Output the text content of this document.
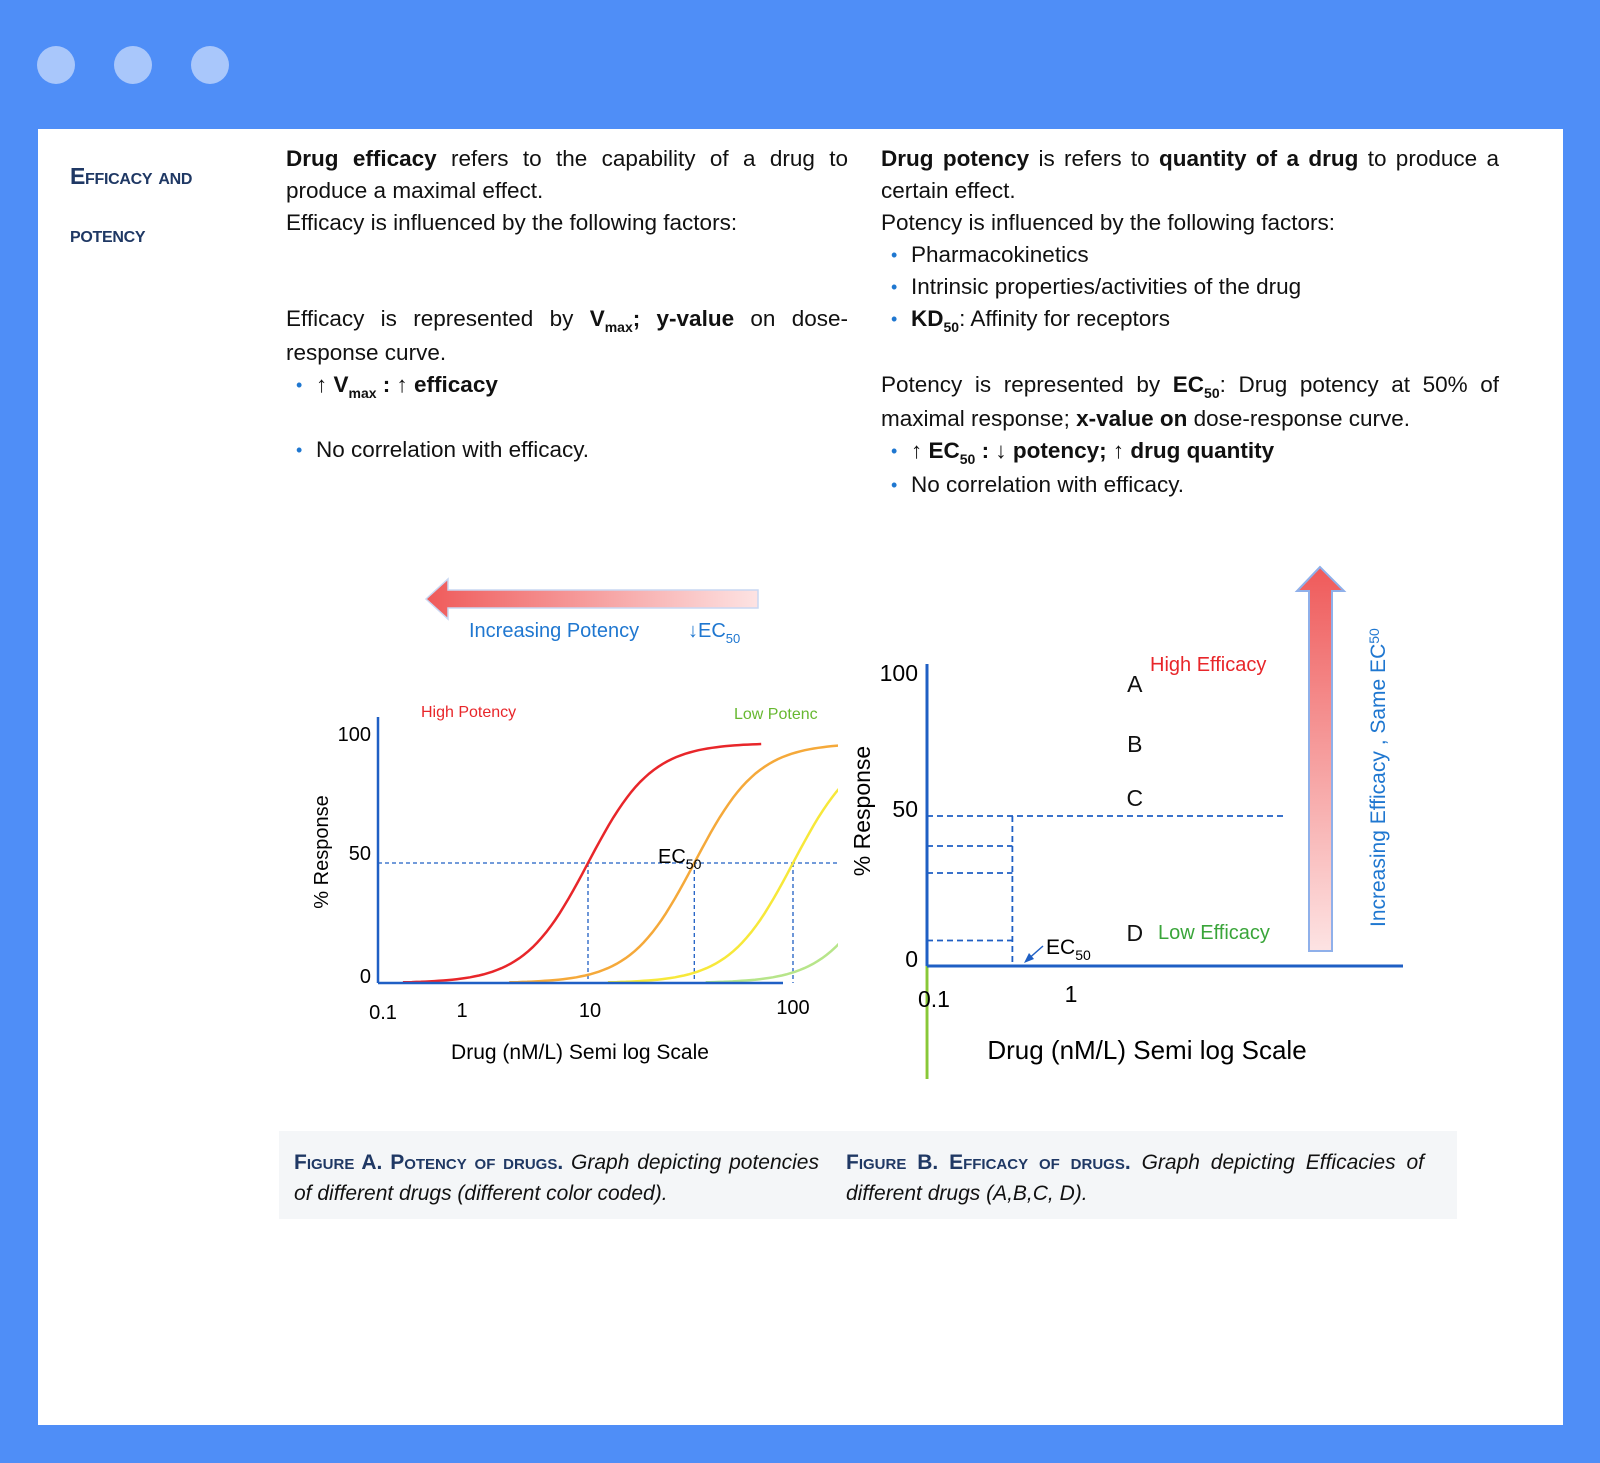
Efficacy and
potency

Drug efficacy refers to the capability of a drug to produce a maximal effect.

Efficacy is influenced by the following factors:

Efficacy is represented by $V_{max}$; y-value on dose-response curve.

• ↑ $V_{max}$ : ↑ efficacy

• No correlation with efficacy.

Drug potency is refers to quantity of a drug to produce a certain effect.

Potency is influenced by the following factors:

• Pharmacokinetics

• Intrinsic properties/activities of the drug

• $KD_{50}$: Affinity for receptors

Potency is represented by $EC_{50}$: Drug potency at 50% of maximal response; x-value on dose-response curve.

• ↑ $EC_{50}$ : ↓ potency; ↑ drug quantity

• No correlation with efficacy.

Increasing Potency $↓EC_{50}$
High Potency	Low Potenc
100
50
0
0.1	1	10	100
$EC_{50}$
Drug (nM/L) Semi log Scale
% Response	Increasing Efficacy , Same EC$^{50}$
High Efficacy
Low Efficacy
100
50
0
0.1	1
$EC_{50}$
Drug (nM/L) Semi log Scale
% Response
A
B
C
D
Figure A. Potency of drugs. Graph depicting potencies of different drugs (different color coded).
Figure B. Efficacy of drugs. Graph depicting Efficacies of different drugs (A,B,C, D).
